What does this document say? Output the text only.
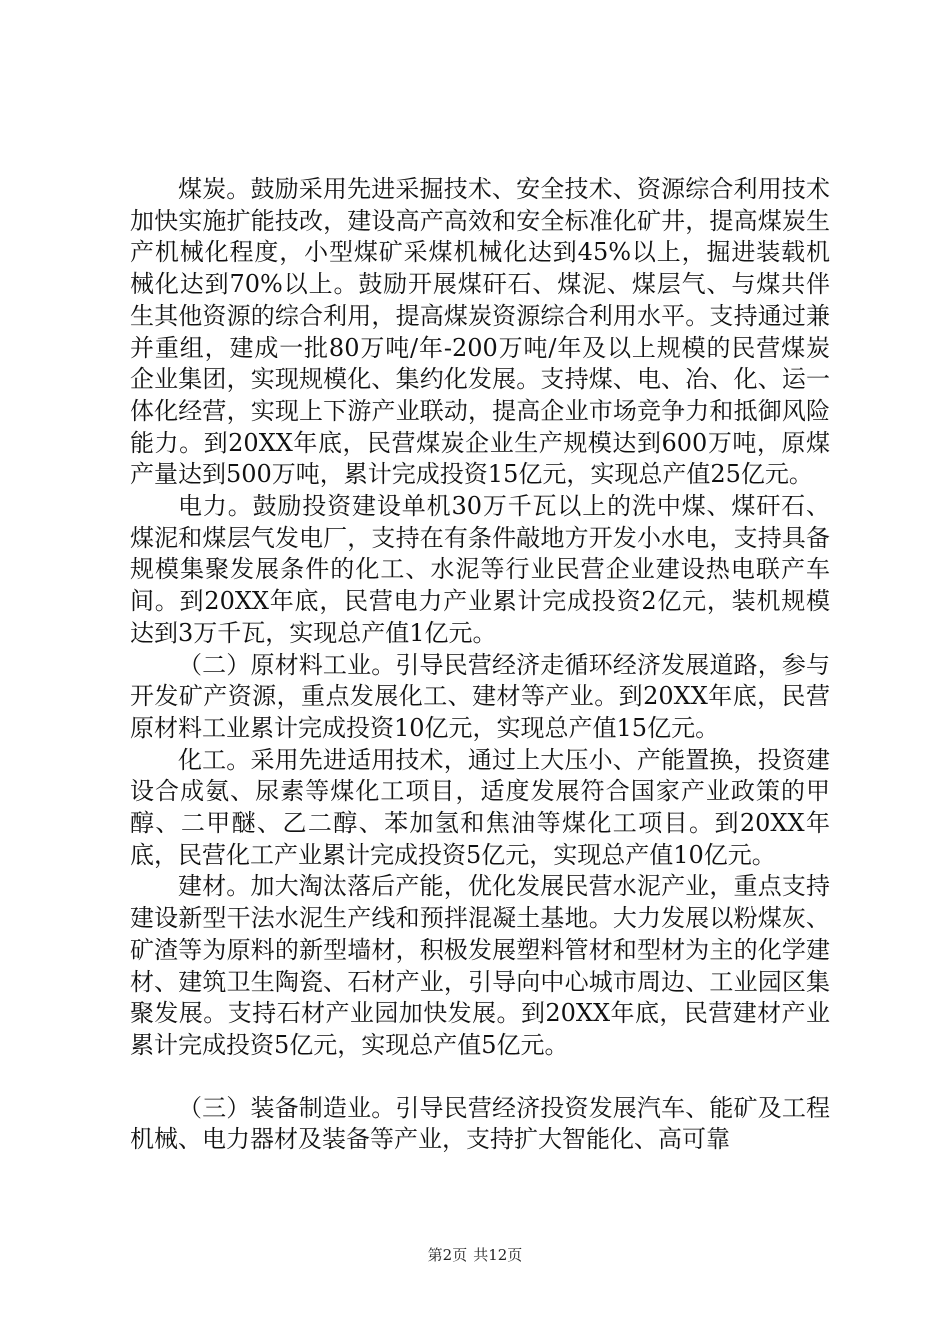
煤炭。鼓励采用先进采掘技术、安全技术、资源综合利用技术加快实施扩能技改，建设高产高效和安全标准化矿井，提高煤炭生产机械化程度，小型煤矿采煤机械化达到45%以上，掘进装载机械化达到70%以上。鼓励开展煤矸石、煤泥、煤层气、与煤共伴生其他资源的综合利用，提高煤炭资源综合利用水平。支持通过兼并重组，建成一批80万吨/年-200万吨/年及以上规模的民营煤炭企业集团，实现规模化、集约化发展。支持煤、电、冶、化、运一体化经营，实现上下游产业联动，提高企业市场竞争力和抵御风险能力。到20XX年底，民营煤炭企业生产规模达到600万吨，原煤产量达到500万吨，累计完成投资15亿元，实现总产值25亿元。

电力。鼓励投资建设单机30万千瓦以上的洗中煤、煤矸石、煤泥和煤层气发电厂，支持在有条件敲地方开发小水电，支持具备规模集聚发展条件的化工、水泥等行业民营企业建设热电联产车间。到20XX年底，民营电力产业累计完成投资2亿元，装机规模达到3万千瓦，实现总产值1亿元。

（二）原材料工业。引导民营经济走循环经济发展道路，参与开发矿产资源，重点发展化工、建材等产业。到20XX年底，民营原材料工业累计完成投资10亿元，实现总产值15亿元。

化工。采用先进适用技术，通过上大压小、产能置换，投资建设合成氨、尿素等煤化工项目，适度发展符合国家产业政策的甲醇、二甲醚、乙二醇、苯加氢和焦油等煤化工项目。到20XX年底，民营化工产业累计完成投资5亿元，实现总产值10亿元。

建材。加大淘汰落后产能，优化发展民营水泥产业，重点支持建设新型干法水泥生产线和预拌混凝土基地。大力发展以粉煤灰、矿渣等为原料的新型墙材，积极发展塑料管材和型材为主的化学建材、建筑卫生陶瓷、石材产业，引导向中心城市周边、工业园区集聚发展。支持石材产业园加快发展。到20XX年底，民营建材产业累计完成投资5亿元，实现总产值5亿元。

（三）装备制造业。引导民营经济投资发展汽车、能矿及工程机械、电力器材及装备等产业，支持扩大智能化、高可靠

第2页 共12页
